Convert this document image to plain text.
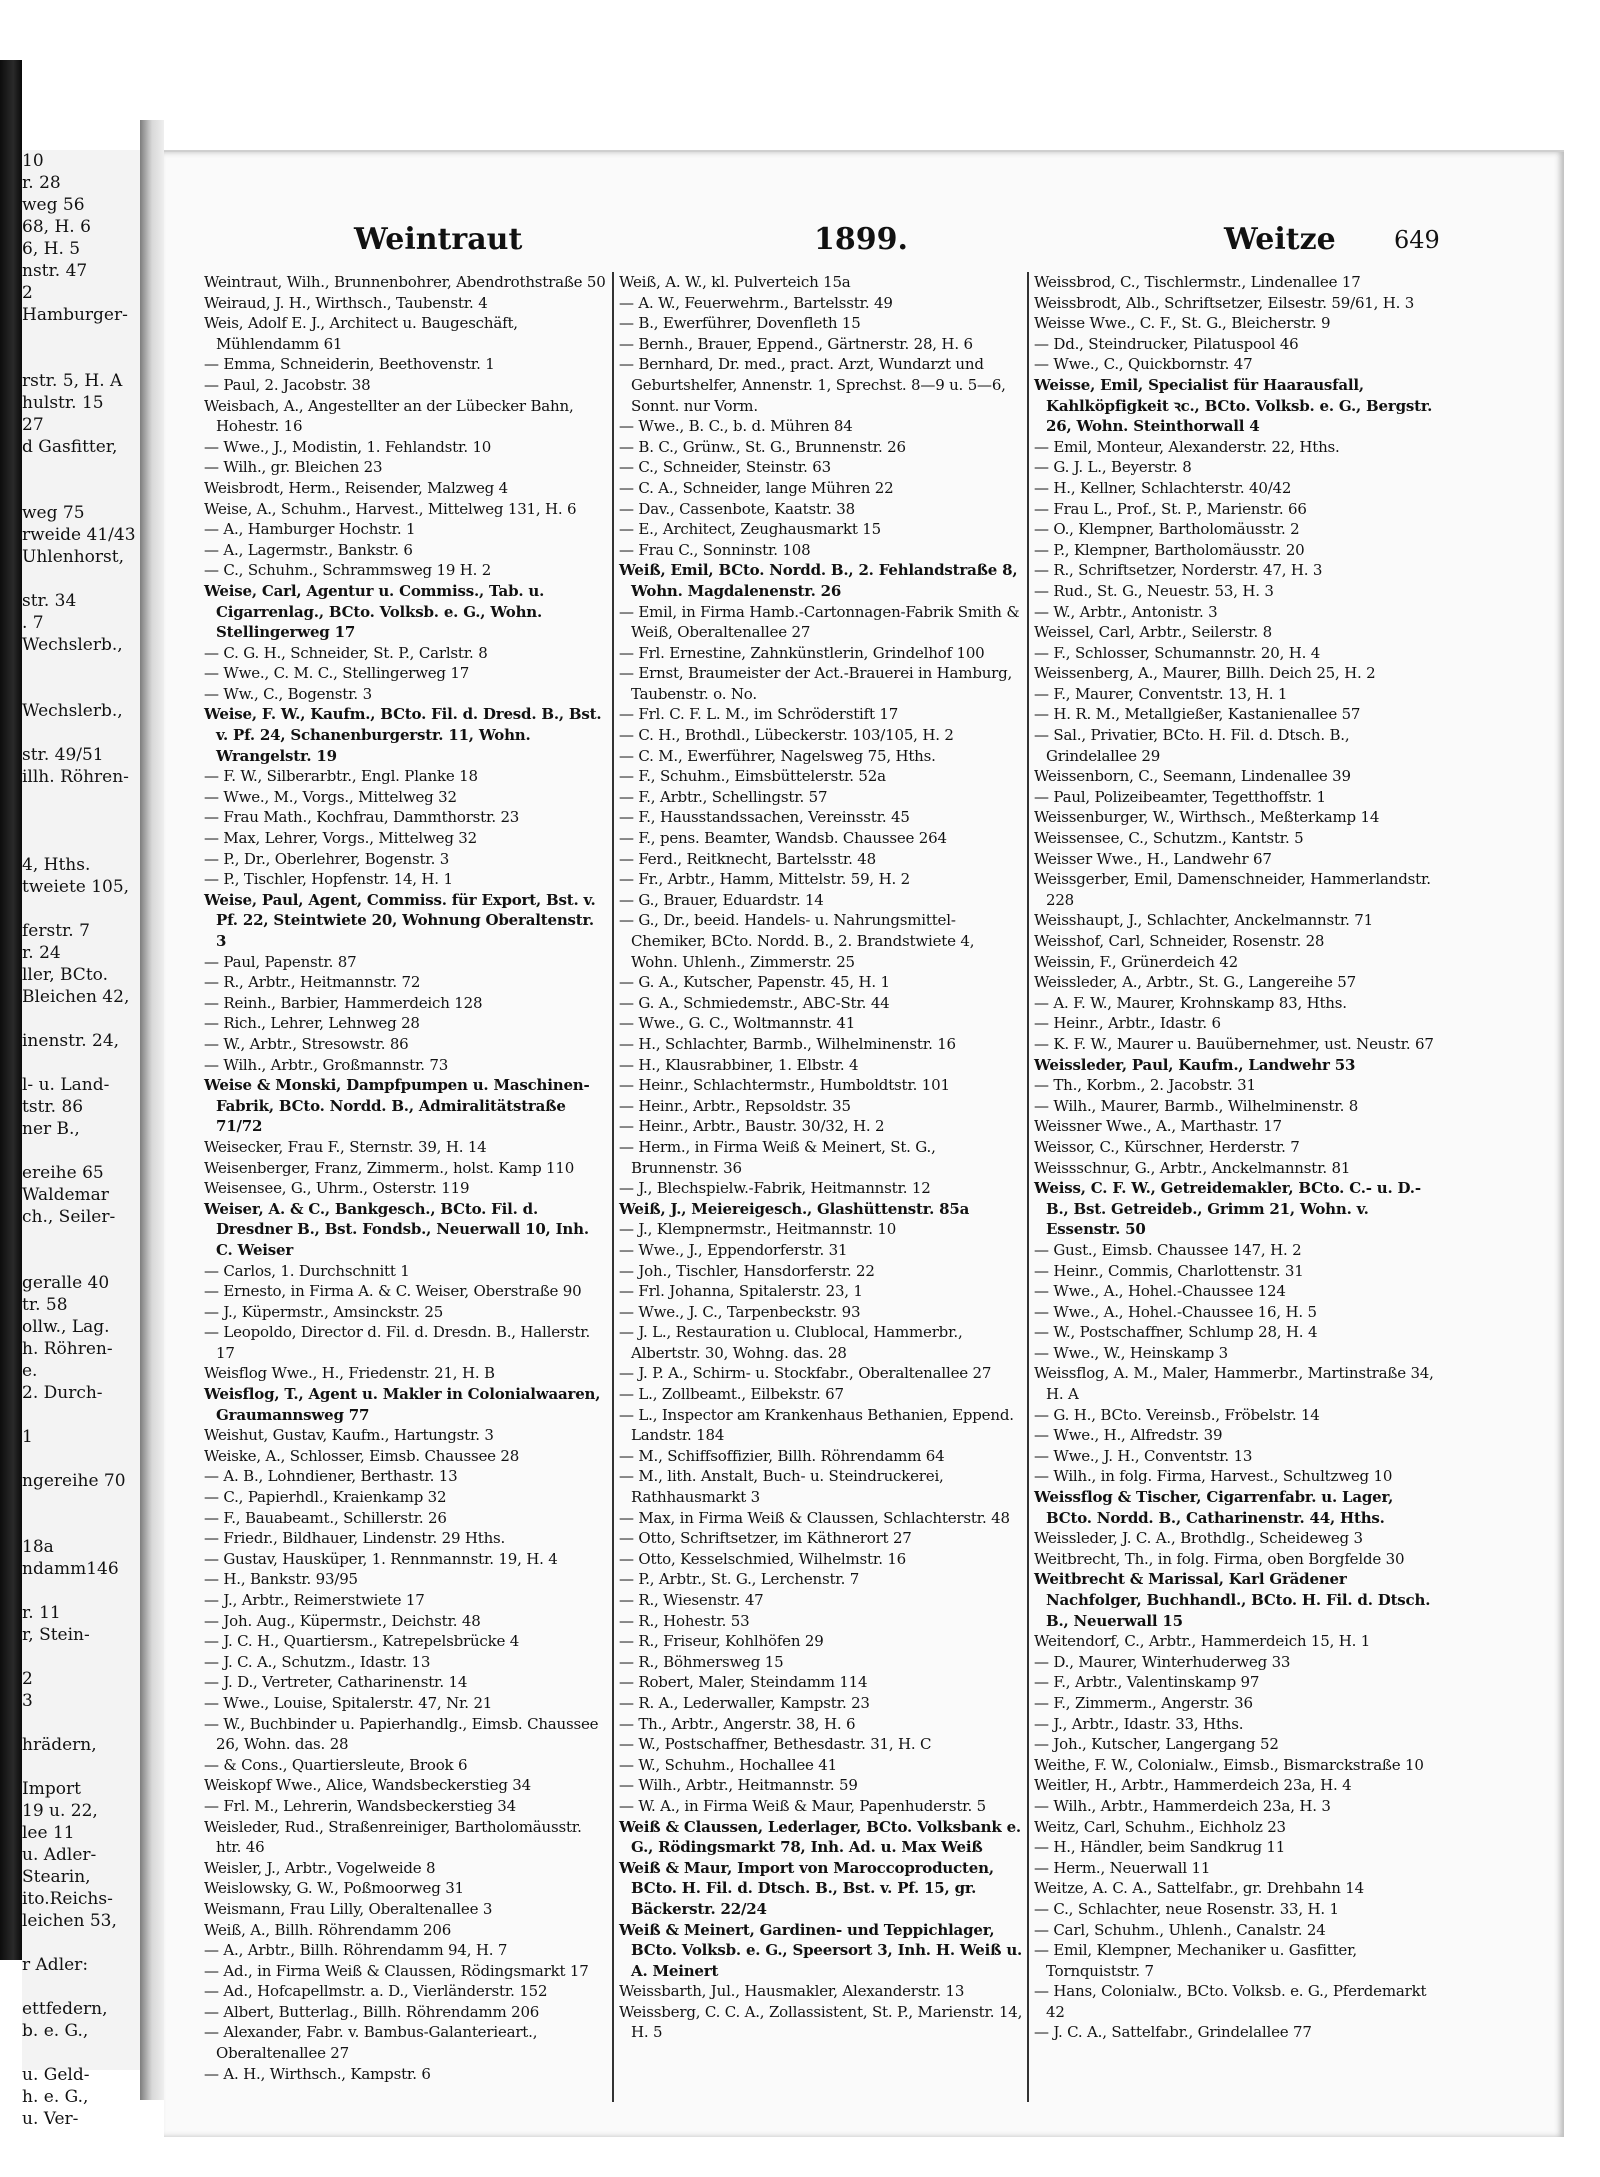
10
r. 28
weg 56
68, H. 6
6, H. 5
nstr. 47
2
Hamburger-

rstr. 5, H. A
hulstr. 15
27
d Gasfitter,

weg 75
rweide 41/43
Uhlenhorst,

str. 34
. 7
Wechslerb.,

Wechslerb.,

str. 49/51
illh. Röhren-

4, Hths.
tweiete 105,

ferstr. 7
r. 24
ller, BCto.
Bleichen 42,

inenstr. 24,

l- u. Land-
tstr. 86
ner B.,

ereihe 65
Waldemar
ch., Seiler-

geralle 40
tr. 58
ollw., Lag.
h. Röhren-
e.
2. Durch-

1

ngereihe 70

18a
ndamm146

r. 11
r, Stein-

2
3

hrädern,

Import
19 u. 22,
lee 11
u. Adler-
Stearin,
ito.Reichs-
leichen 53,

r Adler:

ettfedern,
b. e. G.,

u. Geld-
h. e. G.,
u. Ver-
Weintraut	1899.	Weitze 649

Weintraut, Wilh., Brunnenbohrer, Abendrothstraße 50

Weiraud, J. H., Wirthsch., Taubenstr. 4

Weis, Adolf E. J., Architect u. Baugeschäft, Mühlendamm 61

— Emma, Schneiderin, Beethovenstr. 1

— Paul, 2. Jacobstr. 38

Weisbach, A., Angestellter an der Lübecker Bahn, Hohestr. 16

— Wwe., J., Modistin, 1. Fehlandstr. 10

— Wilh., gr. Bleichen 23

Weisbrodt, Herm., Reisender, Malzweg 4

Weise, A., Schuhm., Harvest., Mittelweg 131, H. 6

— A., Hamburger Hochstr. 1

— A., Lagermstr., Bankstr. 6

— C., Schuhm., Schrammsweg 19 H. 2

Weise, Carl, Agentur u. Commiss., Tab. u. Cigarrenlag., BCto. Volksb. e. G., Wohn. Stellingerweg 17

— C. G. H., Schneider, St. P., Carlstr. 8

— Wwe., C. M. C., Stellingerweg 17

— Ww., C., Bogenstr. 3

Weise, F. W., Kaufm., BCto. Fil. d. Dresd. B., Bst. v. Pf. 24, Schanenburgerstr. 11, Wohn. Wrangelstr. 19

— F. W., Silberarbtr., Engl. Planke 18

— Wwe., M., Vorgs., Mittelweg 32

— Frau Math., Kochfrau, Dammthorstr. 23

— Max, Lehrer, Vorgs., Mittelweg 32

— P., Dr., Oberlehrer, Bogenstr. 3

— P., Tischler, Hopfenstr. 14, H. 1

Weise, Paul, Agent, Commiss. für Export, Bst. v. Pf. 22, Steintwiete 20, Wohnung Oberaltenstr. 3

— Paul, Papenstr. 87

— R., Arbtr., Heitmannstr. 72

— Reinh., Barbier, Hammerdeich 128

— Rich., Lehrer, Lehnweg 28

— W., Arbtr., Stresowstr. 86

— Wilh., Arbtr., Großmannstr. 73

Weise & Monski, Dampfpumpen u. Maschinen-Fabrik, BCto. Nordd. B., Admiralitätstraße 71/72

Weisecker, Frau F., Sternstr. 39, H. 14

Weisenberger, Franz, Zimmerm., holst. Kamp 110

Weisensee, G., Uhrm., Osterstr. 119

Weiser, A. & C., Bankgesch., BCto. Fil. d. Dresdner B., Bst. Fondsb., Neuerwall 10, Inh. C. Weiser

— Carlos, 1. Durchschnitt 1

— Ernesto, in Firma A. & C. Weiser, Oberstraße 90

— J., Küpermstr., Amsinckstr. 25

— Leopoldo, Director d. Fil. d. Dresdn. B., Hallerstr. 17

Weisflog Wwe., H., Friedenstr. 21, H. B

Weisflog, T., Agent u. Makler in Colonialwaaren, Graumannsweg 77

Weishut, Gustav, Kaufm., Hartungstr. 3

Weiske, A., Schlosser, Eimsb. Chaussee 28

— A. B., Lohndiener, Berthastr. 13

— C., Papierhdl., Kraienkamp 32

— F., Bauabeamt., Schillerstr. 26

— Friedr., Bildhauer, Lindenstr. 29 Hths.

— Gustav, Hausküper, 1. Rennmannstr. 19, H. 4

— H., Bankstr. 93/95

— J., Arbtr., Reimerstwiete 17

— Joh. Aug., Küpermstr., Deichstr. 48

— J. C. H., Quartiersm., Katrepelsbrücke 4

— J. C. A., Schutzm., Idastr. 13

— J. D., Vertreter, Catharinenstr. 14

— Wwe., Louise, Spitalerstr. 47, Nr. 21

— W., Buchbinder u. Papierhandlg., Eimsb. Chaussee 26, Wohn. das. 28

— & Cons., Quartiersleute, Brook 6

Weiskopf Wwe., Alice, Wandsbeckerstieg 34

— Frl. M., Lehrerin, Wandsbeckerstieg 34

Weisleder, Rud., Straßenreiniger, Bartholomäusstr. htr. 46

Weisler, J., Arbtr., Vogelweide 8

Weislowsky, G. W., Poßmoorweg 31

Weismann, Frau Lilly, Oberaltenallee 3

Weiß, A., Billh. Röhrendamm 206

— A., Arbtr., Billh. Röhrendamm 94, H. 7

— Ad., in Firma Weiß & Claussen, Rödingsmarkt 17

— Ad., Hofcapellmstr. a. D., Vierländerstr. 152

— Albert, Butterlag., Billh. Röhrendamm 206

— Alexander, Fabr. v. Bambus-Galanterieart., Oberaltenallee 27

— A. H., Wirthsch., Kampstr. 6

Weiß, A. W., kl. Pulverteich 15a

— A. W., Feuerwehrm., Bartelsstr. 49

— B., Ewerführer, Dovenfleth 15

— Bernh., Brauer, Eppend., Gärtnerstr. 28, H. 6

— Bernhard, Dr. med., pract. Arzt, Wundarzt und Geburtshelfer, Annenstr. 1, Sprechst. 8—9 u. 5—6, Sonnt. nur Vorm.

— Wwe., B. C., b. d. Mühren 84

— B. C., Grünw., St. G., Brunnenstr. 26

— C., Schneider, Steinstr. 63

— C. A., Schneider, lange Mühren 22

— Dav., Cassenbote, Kaatstr. 38

— E., Architect, Zeughausmarkt 15

— Frau C., Sonninstr. 108

Weiß, Emil, BCto. Nordd. B., 2. Fehlandstraße 8, Wohn. Magdalenenstr. 26

— Emil, in Firma Hamb.-Cartonnagen-Fabrik Smith & Weiß, Oberaltenallee 27

— Frl. Ernestine, Zahnkünstlerin, Grindelhof 100

— Ernst, Braumeister der Act.-Brauerei in Hamburg, Taubenstr. o. No.

— Frl. C. F. L. M., im Schröderstift 17

— C. H., Brothdl., Lübeckerstr. 103/105, H. 2

— C. M., Ewerführer, Nagelsweg 75, Hths.

— F., Schuhm., Eimsbüttelerstr. 52a

— F., Arbtr., Schellingstr. 57

— F., Hausstandssachen, Vereinsstr. 45

— F., pens. Beamter, Wandsb. Chaussee 264

— Ferd., Reitknecht, Bartelsstr. 48

— Fr., Arbtr., Hamm, Mittelstr. 59, H. 2

— G., Brauer, Eduardstr. 14

— G., Dr., beeid. Handels- u. Nahrungsmittel-Chemiker, BCto. Nordd. B., 2. Brandstwiete 4, Wohn. Uhlenh., Zimmerstr. 25

— G. A., Kutscher, Papenstr. 45, H. 1

— G. A., Schmiedemstr., ABC-Str. 44

— Wwe., G. C., Woltmannstr. 41

— H., Schlachter, Barmb., Wilhelminenstr. 16

— H., Klausrabbiner, 1. Elbstr. 4

— Heinr., Schlachtermstr., Humboldtstr. 101

— Heinr., Arbtr., Repsoldstr. 35

— Heinr., Arbtr., Baustr. 30/32, H. 2

— Herm., in Firma Weiß & Meinert, St. G., Brunnenstr. 36

— J., Blechspielw.-Fabrik, Heitmannstr. 12

Weiß, J., Meiereigesch., Glashüttenstr. 85a

— J., Klempnermstr., Heitmannstr. 10

— Wwe., J., Eppendorferstr. 31

— Joh., Tischler, Hansdorferstr. 22

— Frl. Johanna, Spitalerstr. 23, 1

— Wwe., J. C., Tarpenbeckstr. 93

— J. L., Restauration u. Clublocal, Hammerbr., Albertstr. 30, Wohng. das. 28

— J. P. A., Schirm- u. Stockfabr., Oberaltenallee 27

— L., Zollbeamt., Eilbekstr. 67

— L., Inspector am Krankenhaus Bethanien, Eppend. Landstr. 184

— M., Schiffsoffizier, Billh. Röhrendamm 64

— M., lith. Anstalt, Buch- u. Steindruckerei, Rathhausmarkt 3

— Max, in Firma Weiß & Claussen, Schlachterstr. 48

— Otto, Schriftsetzer, im Käthnerort 27

— Otto, Kesselschmied, Wilhelmstr. 16

— P., Arbtr., St. G., Lerchenstr. 7

— R., Wiesenstr. 47

— R., Hohestr. 53

— R., Friseur, Kohlhöfen 29

— R., Böhmersweg 15

— Robert, Maler, Steindamm 114

— R. A., Lederwaller, Kampstr. 23

— Th., Arbtr., Angerstr. 38, H. 6

— W., Postschaffner, Bethesdastr. 31, H. C

— W., Schuhm., Hochallee 41

— Wilh., Arbtr., Heitmannstr. 59

— W. A., in Firma Weiß & Maur, Papenhuderstr. 5

Weiß & Claussen, Lederlager, BCto. Volksbank e. G., Rödingsmarkt 78, Inh. Ad. u. Max Weiß

Weiß & Maur, Import von Maroccoproducten, BCto. H. Fil. d. Dtsch. B., Bst. v. Pf. 15, gr. Bäckerstr. 22/24

Weiß & Meinert, Gardinen- und Teppichlager, BCto. Volksb. e. G., Speersort 3, Inh. H. Weiß u. A. Meinert

Weissbarth, Jul., Hausmakler, Alexanderstr. 13

Weissberg, C. C. A., Zollassistent, St. P., Marienstr. 14, H. 5

Weissbrod, C., Tischlermstr., Lindenallee 17

Weissbrodt, Alb., Schriftsetzer, Eilsestr. 59/61, H. 3

Weisse Wwe., C. F., St. G., Bleicherstr. 9

— Dd., Steindrucker, Pilatuspool 46

— Wwe., C., Quickbornstr. 47

Weisse, Emil, Specialist für Haarausfall, Kahlköpfigkeit ꝛc., BCto. Volksb. e. G., Bergstr. 26, Wohn. Steinthorwall 4

— Emil, Monteur, Alexanderstr. 22, Hths.

— G. J. L., Beyerstr. 8

— H., Kellner, Schlachterstr. 40/42

— Frau L., Prof., St. P., Marienstr. 66

— O., Klempner, Bartholomäusstr. 2

— P., Klempner, Bartholomäusstr. 20

— R., Schriftsetzer, Norderstr. 47, H. 3

— Rud., St. G., Neuestr. 53, H. 3

— W., Arbtr., Antonistr. 3

Weissel, Carl, Arbtr., Seilerstr. 8

— F., Schlosser, Schumannstr. 20, H. 4

Weissenberg, A., Maurer, Billh. Deich 25, H. 2

— F., Maurer, Conventstr. 13, H. 1

— H. R. M., Metallgießer, Kastanienallee 57

— Sal., Privatier, BCto. H. Fil. d. Dtsch. B., Grindelallee 29

Weissenborn, C., Seemann, Lindenallee 39

— Paul, Polizeibeamter, Tegetthoffstr. 1

Weissenburger, W., Wirthsch., Meßterkamp 14

Weissensee, C., Schutzm., Kantstr. 5

Weisser Wwe., H., Landwehr 67

Weissgerber, Emil, Damenschneider, Hammerlandstr. 228

Weisshaupt, J., Schlachter, Anckelmannstr. 71

Weisshof, Carl, Schneider, Rosenstr. 28

Weissin, F., Grünerdeich 42

Weissleder, A., Arbtr., St. G., Langereihe 57

— A. F. W., Maurer, Krohnskamp 83, Hths.

— Heinr., Arbtr., Idastr. 6

— K. F. W., Maurer u. Bauübernehmer, ust. Neustr. 67

Weissleder, Paul, Kaufm., Landwehr 53

— Th., Korbm., 2. Jacobstr. 31

— Wilh., Maurer, Barmb., Wilhelminenstr. 8

Weissner Wwe., A., Marthastr. 17

Weissor, C., Kürschner, Herderstr. 7

Weissschnur, G., Arbtr., Anckelmannstr. 81

Weiss, C. F. W., Getreidemakler, BCto. C.- u. D.-B., Bst. Getreideb., Grimm 21, Wohn. v. Essenstr. 50

— Gust., Eimsb. Chaussee 147, H. 2

— Heinr., Commis, Charlottenstr. 31

— Wwe., A., Hohel.-Chaussee 124

— Wwe., A., Hohel.-Chaussee 16, H. 5

— W., Postschaffner, Schlump 28, H. 4

— Wwe., W., Heinskamp 3

Weissflog, A. M., Maler, Hammerbr., Martinstraße 34, H. A

— G. H., BCto. Vereinsb., Fröbelstr. 14

— Wwe., H., Alfredstr. 39

— Wwe., J. H., Conventstr. 13

— Wilh., in folg. Firma, Harvest., Schultzweg 10

Weissflog & Tischer, Cigarrenfabr. u. Lager, BCto. Nordd. B., Catharinenstr. 44, Hths.

Weissleder, J. C. A., Brothdlg., Scheideweg 3

Weitbrecht, Th., in folg. Firma, oben Borgfelde 30

Weitbrecht & Marissal, Karl Grädener Nachfolger, Buchhandl., BCto. H. Fil. d. Dtsch. B., Neuerwall 15

Weitendorf, C., Arbtr., Hammerdeich 15, H. 1

— D., Maurer, Winterhuderweg 33

— F., Arbtr., Valentinskamp 97

— F., Zimmerm., Angerstr. 36

— J., Arbtr., Idastr. 33, Hths.

— Joh., Kutscher, Langergang 52

Weithe, F. W., Colonialw., Eimsb., Bismarckstraße 10

Weitler, H., Arbtr., Hammerdeich 23a, H. 4

— Wilh., Arbtr., Hammerdeich 23a, H. 3

Weitz, Carl, Schuhm., Eichholz 23

— H., Händler, beim Sandkrug 11

— Herm., Neuerwall 11

Weitze, A. C. A., Sattelfabr., gr. Drehbahn 14

— C., Schlachter, neue Rosenstr. 33, H. 1

— Carl, Schuhm., Uhlenh., Canalstr. 24

— Emil, Klempner, Mechaniker u. Gasfitter, Tornquiststr. 7

— Hans, Colonialw., BCto. Volksb. e. G., Pferdemarkt 42

— J. C. A., Sattelfabr., Grindelallee 77
